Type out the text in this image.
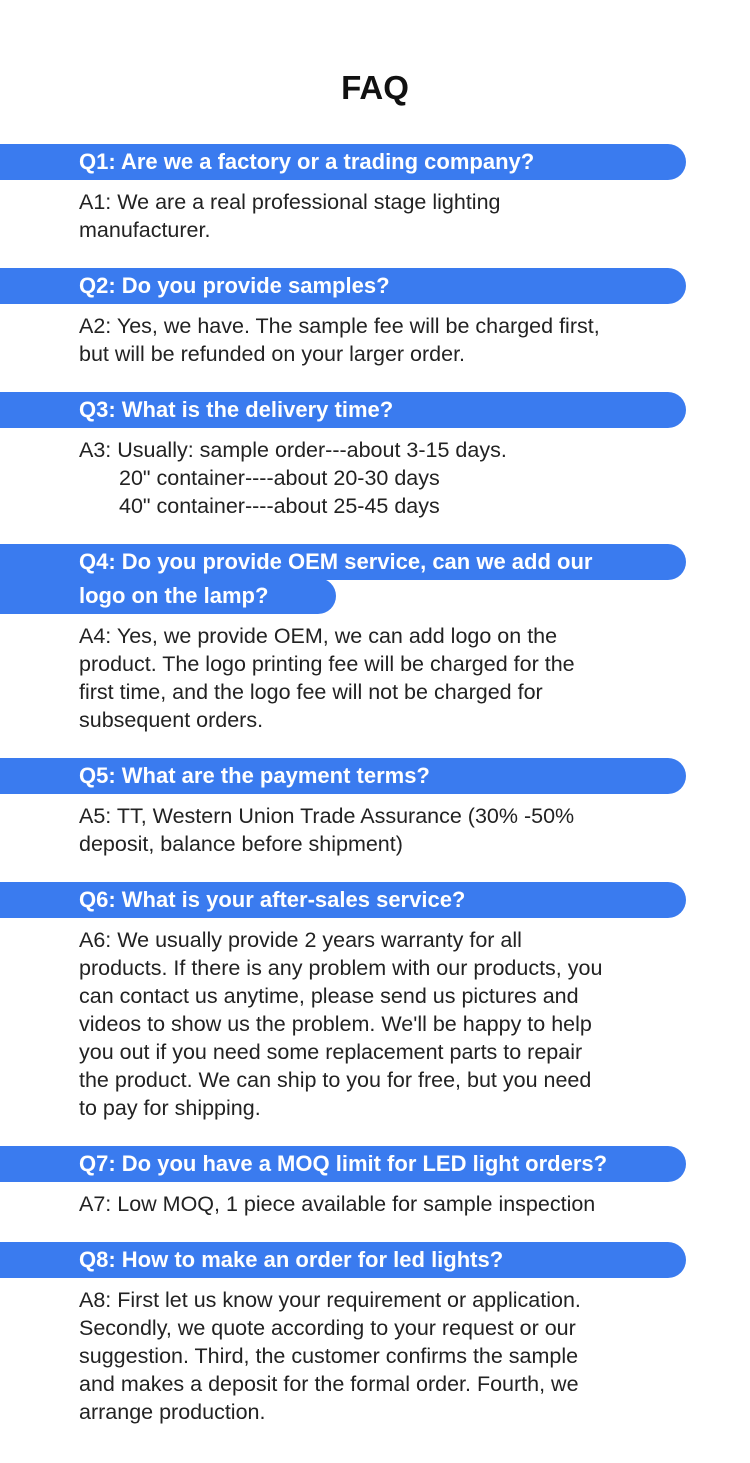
FAQ
Q1: Are we a factory or a trading company?
A1: We are a real professional stage lighting
manufacturer.
Q2: Do you provide samples?
A2: Yes, we have. The sample fee will be charged first,
but will be refunded on your larger order.
Q3: What is the delivery time?
A3: Usually: sample order---about 3-15 days.
20" container----about 20-30 days
40" container----about 25-45 days
Q4: Do you provide OEM service, can we add our
logo on the lamp?
A4: Yes, we provide OEM, we can add logo on the
product. The logo printing fee will be charged for the
first time, and the logo fee will not be charged for
subsequent orders.
Q5: What are the payment terms?
A5: TT, Western Union Trade Assurance (30% -50%
deposit, balance before shipment)
Q6: What is your after-sales service?
A6: We usually provide 2 years warranty for all
products. If there is any problem with our products, you
can contact us anytime, please send us pictures and
videos to show us the problem. We'll be happy to help
you out if you need some replacement parts to repair
the product. We can ship to you for free, but you need
to pay for shipping.
Q7: Do you have a MOQ limit for LED light orders?
A7: Low MOQ, 1 piece available for sample inspection
Q8: How to make an order for led lights?
A8: First let us know your requirement or application.
Secondly, we quote according to your request or our
suggestion. Third, the customer confirms the sample
and makes a deposit for the formal order. Fourth, we
arrange production.
